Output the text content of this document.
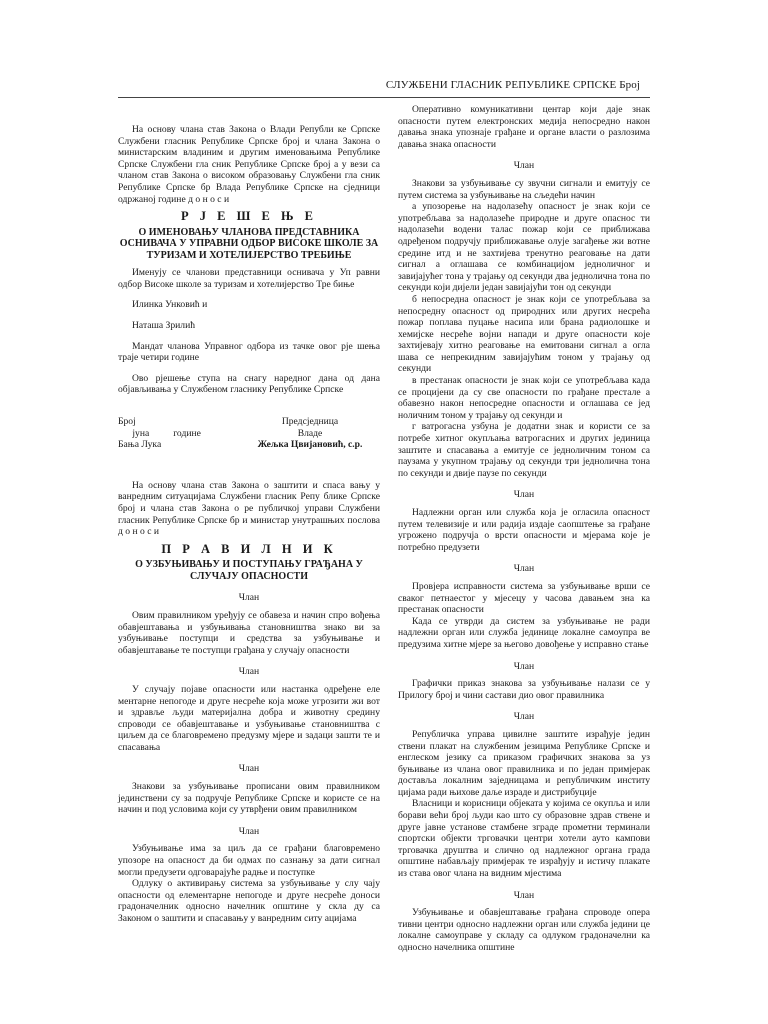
СЛУЖБЕНИ ГЛАСНИК РЕПУБЛИКЕ СРПСКЕ Број

На основу члана став Закона о Влади Републи ке Српске Службени гласник Републике Српске број и члана Закона о министарским владиним и другим именовањима Републике Српске Службени гла сник Републике Српске број а у вези са чланом став Закона о високом образовању Службени гла сник Републике Српске бр Влада Републике Српске на сједници одржаној годинe д о н о с и

Р Ј Е Ш Е Њ Е
О ИМЕНОВАЊУ ЧЛАНОВА ПРЕДСТАВНИКА ОСНИВАЧА У УПРАВНИ ОДБОР ВИСОКЕ ШКОЛЕ ЗА ТУРИЗАМ И ХОТЕЛИЈЕРСТВО ТРЕБИЊЕ

Именују се чланови представници оснивача у Уп равни одбор Високе школе за туризам и хотелијерство Тре биње

Илинка Унковић и

Наташа Зрилић

Мандат чланова Управног одбора из тачке овог рје шења траје четири године

Ово рјешење ступа на снагу наредног дана од дана објављивања у Службеном гласнику Републике Српске

Број
јуна          године
Бања Лука
Предсједница
Владе
Жељка Цвијановић, с.р.

На основу члана став Закона о заштити и спаса вању у ванредним ситуацијама Службени гласник Репу блике Српске број и члана став Закона о ре публичкој управи Службени гласник Републике Српске бр и министар унутрашњих послова д о н о с и

П Р А В И Л Н И К
О УЗБУЊИВАЊУ И ПОСТУПАЊУ ГРАЂАНА У СЛУЧАЈУ ОПАСНОСТИ
Члан

Овим правилником уређују се обавеза и начин спро вођења обавјештавања и узбуњивања становништва знако ви за узбуњивање поступци и средства за узбуњивање и обавјештавање те поступци грађана у случају опасности

Члан

У случају појаве опасности или настанка одређене еле ментарне непогоде и друге несреће која може угрозити жи вот и здравље људи материјална добра и животну средину спроводи се обавјештавање и узбуњивање становништва с циљем да се благовремено предузму мјере и задаци зашти те и спасавања

Члан

Знакови за узбуњивање прописани овим правилником јединствени су за подручје Републике Српске и користе се на начин и под условима који су утврђени овим правилником

Члан

Узбуњивање има за циљ да се грађани благовремено упозоре на опасност да би одмах по сазнању за дати сигнал могли предузети одговарајуће радње и поступке

Одлуку о активирању система за узбуњивање у слу чају опасности од елементарне непогоде и друге несреће доноси градоначелник односно начелник општине у скла ду са Законом о заштити и спасавању у ванредним ситу ацијама

Оперативно комуникативни центар који даје знак опасности путем електронских медија непосредно након давања знака упознаје грађане и органе власти о разлозима давања знака опасности

Члан

Знакови за узбуњивање су звучни сигнали и емитују се путем система за узбуњивање на сљедећи начин

а упозорење на надолазећу опасност је знак који се употребљава за надолазеће природне и друге опаснос ти надолазећи водени талас пожар који се приближава одређеном подручју приближавање олује загађење жи вотне средине итд и не захтијева тренутно реаговање на дати сигнал а оглашава се комбинацијом једноличног и завијајућег тона у трајању од секунди два једнолична тона по секунди који дијели један завијајући тон од секунди

б непосредна опасност је знак који се употребљава за непосредну опасност од природних или других несрећа пожар поплава пуцање насипа или брана радиолошке и хемијске несреће војни напади и друге опасности које захтијевају хитно реаговање на емитовани сигнал а огла шава се непрекидним завијајућим тоном у трајању од секунди

в престанак опасности је знак који се употребљава када се процијени да су све опасности по грађане престале а обавезно након непосредне опасности и оглашава се јед ноличним тоном у трајању од секунди и

г ватрогасна узбуна је додатни знак и користи се за потребе хитног окупљања ватрогасних и других јединица заштите и спасавања а емитује се једноличним тоном са паузама у укупном трајању од секунди три једнолична тона по секунди и двије паузе по секунди

Члан

Надлежни орган или служба која је огласила опасност путем телевизије и или радија издаје саопштење за грађане угрожено подручја о врсти опасности и мјерама које је потребно предузети

Члан

Провјера исправности система за узбуњивање врши се сваког петнаестог у мјесецу у часова давањем зна ка престанак опасности

Када се утврди да систем за узбуњивање не ради надлежни орган или служба јединице локалне самоупра ве предузима хитне мјере за његово довођење у исправно стање

Члан

Графички приказ знакова за узбуњивање налази се у Прилогу број и чини састави дио овог правилника

Члан

Републичка управа цивилне заштите израђује једин ствени плакат на службеним језицима Републике Српске и енглеском језику са приказом графичких знакова за уз буњивање из члана овог правилника и по један примјерак доставља локалним заједницама и републичким институ цијама ради њихове даље израде и дистрибуције

Власници и корисници објеката у којима се окупља и или борави већи број људи као што су образовне здрав ствене и друге јавне установе стамбене зграде прометни терминали спортски објекти трговачки центри хотели ауто кампови трговачка друштва и слично од надлежног органа града општине набављају примјерак те израђују и истичу плакате из става овог члана на видним мјестима

Члан

Узбуњивање и обавјештавање грађана спроводе опера тивни центри односно надлежни орган или служба једини це локалне самоуправе у складу са одлуком градоначелни ка односно начелника општине
